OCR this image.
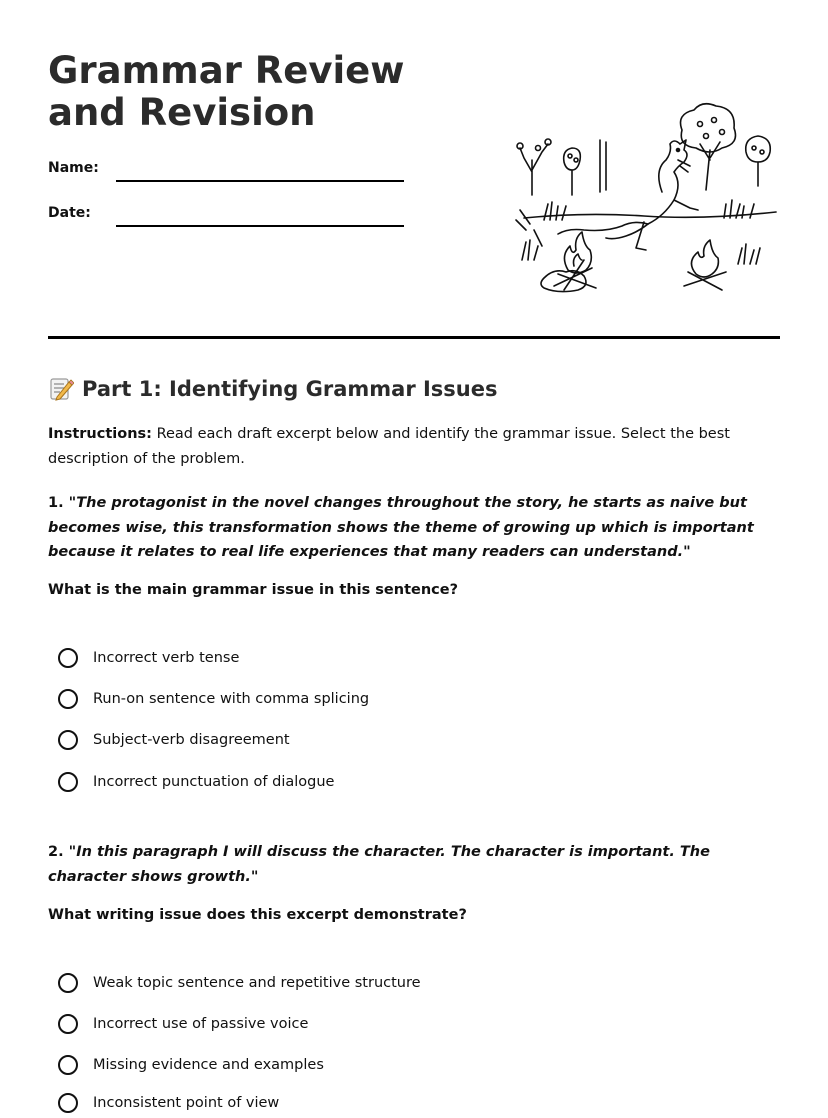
Grammar Review and Revision
Name:
Date:
Part 1: Identifying Grammar Issues
Instructions: Read each draft excerpt below and identify the grammar issue. Select the best description of the problem.
1. "The protagonist in the novel changes throughout the story, he starts as naive but becomes wise, this transformation shows the theme of growing up which is important because it relates to real life experiences that many readers can understand."
What is the main grammar issue in this sentence?
Incorrect verb tense
Run-on sentence with comma splicing
Subject-verb disagreement
Incorrect punctuation of dialogue
2. "In this paragraph I will discuss the character. The character is important. The character shows growth."
What writing issue does this excerpt demonstrate?
Weak topic sentence and repetitive structure
Incorrect use of passive voice
Missing evidence and examples
Inconsistent point of view
